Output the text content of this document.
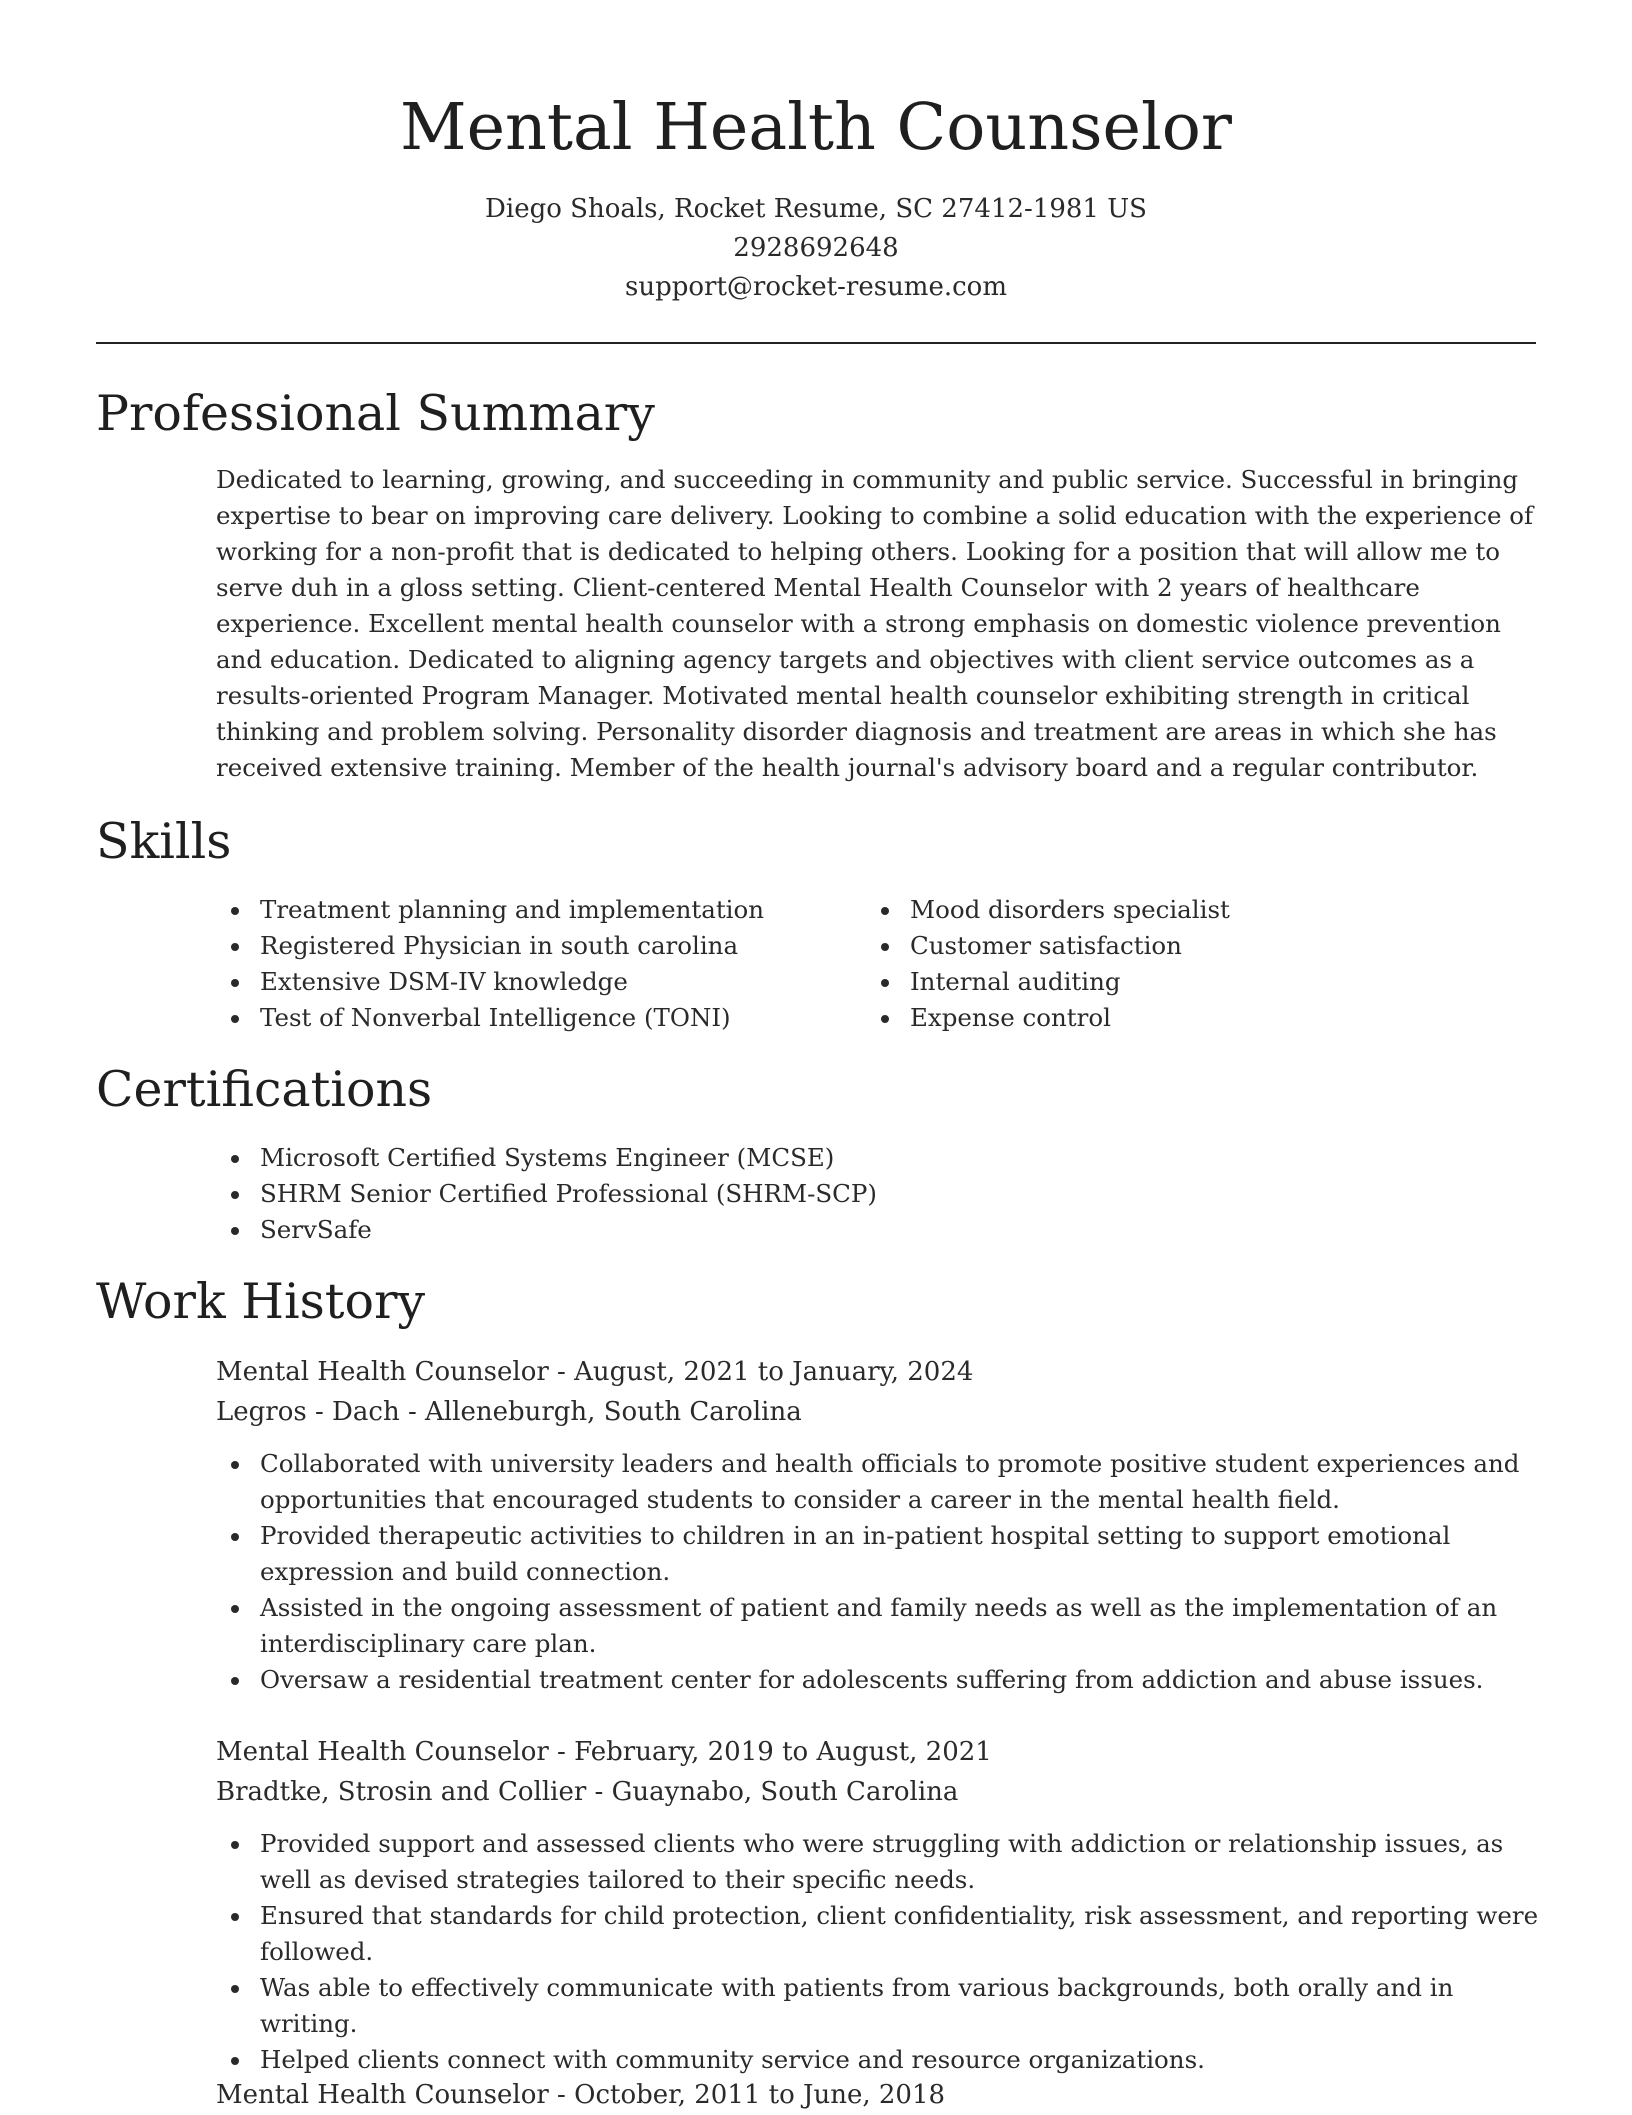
Mental Health Counselor
Diego Shoals, Rocket Resume, SC 27412-1981 US
2928692648
support@rocket-resume.com
Professional Summary

Dedicated to learning, growing, and succeeding in community and public service. Successful in bringing expertise to bear on improving care delivery. Looking to combine a solid education with the experience of working for a non-profit that is dedicated to helping others. Looking for a position that will allow me to serve duh in a gloss setting. Client-centered Mental Health Counselor with 2 years of healthcare experience. Excellent mental health counselor with a strong emphasis on domestic violence prevention and education. Dedicated to aligning agency targets and objectives with client service outcomes as a results-oriented Program Manager. Motivated mental health counselor exhibiting strength in critical thinking and problem solving. Personality disorder diagnosis and treatment are areas in which she has received extensive training. Member of the health journal's advisory board and a regular contributor.

Skills
Treatment planning and implementation
Registered Physician in south carolina
Extensive DSM-IV knowledge
Test of Nonverbal Intelligence (TONI)
Mood disorders specialist
Customer satisfaction
Internal auditing
Expense control
Certifications
Microsoft Certified Systems Engineer (MCSE)
SHRM Senior Certified Professional (SHRM-SCP)
ServSafe
Work History
Mental Health Counselor - August, 2021 to January, 2024
Legros - Dach - Alleneburgh, South Carolina
Collaborated with university leaders and health officials to promote positive student experiences and opportunities that encouraged students to consider a career in the mental health field.
Provided therapeutic activities to children in an in-patient hospital setting to support emotional expression and build connection.
Assisted in the ongoing assessment of patient and family needs as well as the implementation of an interdisciplinary care plan.
Oversaw a residential treatment center for adolescents suffering from addiction and abuse issues.
Mental Health Counselor - February, 2019 to August, 2021
Bradtke, Strosin and Collier - Guaynabo, South Carolina
Provided support and assessed clients who were struggling with addiction or relationship issues, as well as devised strategies tailored to their specific needs.
Ensured that standards for child protection, client confidentiality, risk assessment, and reporting were followed.
Was able to effectively communicate with patients from various backgrounds, both orally and in writing.
Helped clients connect with community service and resource organizations.
Mental Health Counselor - October, 2011 to June, 2018
